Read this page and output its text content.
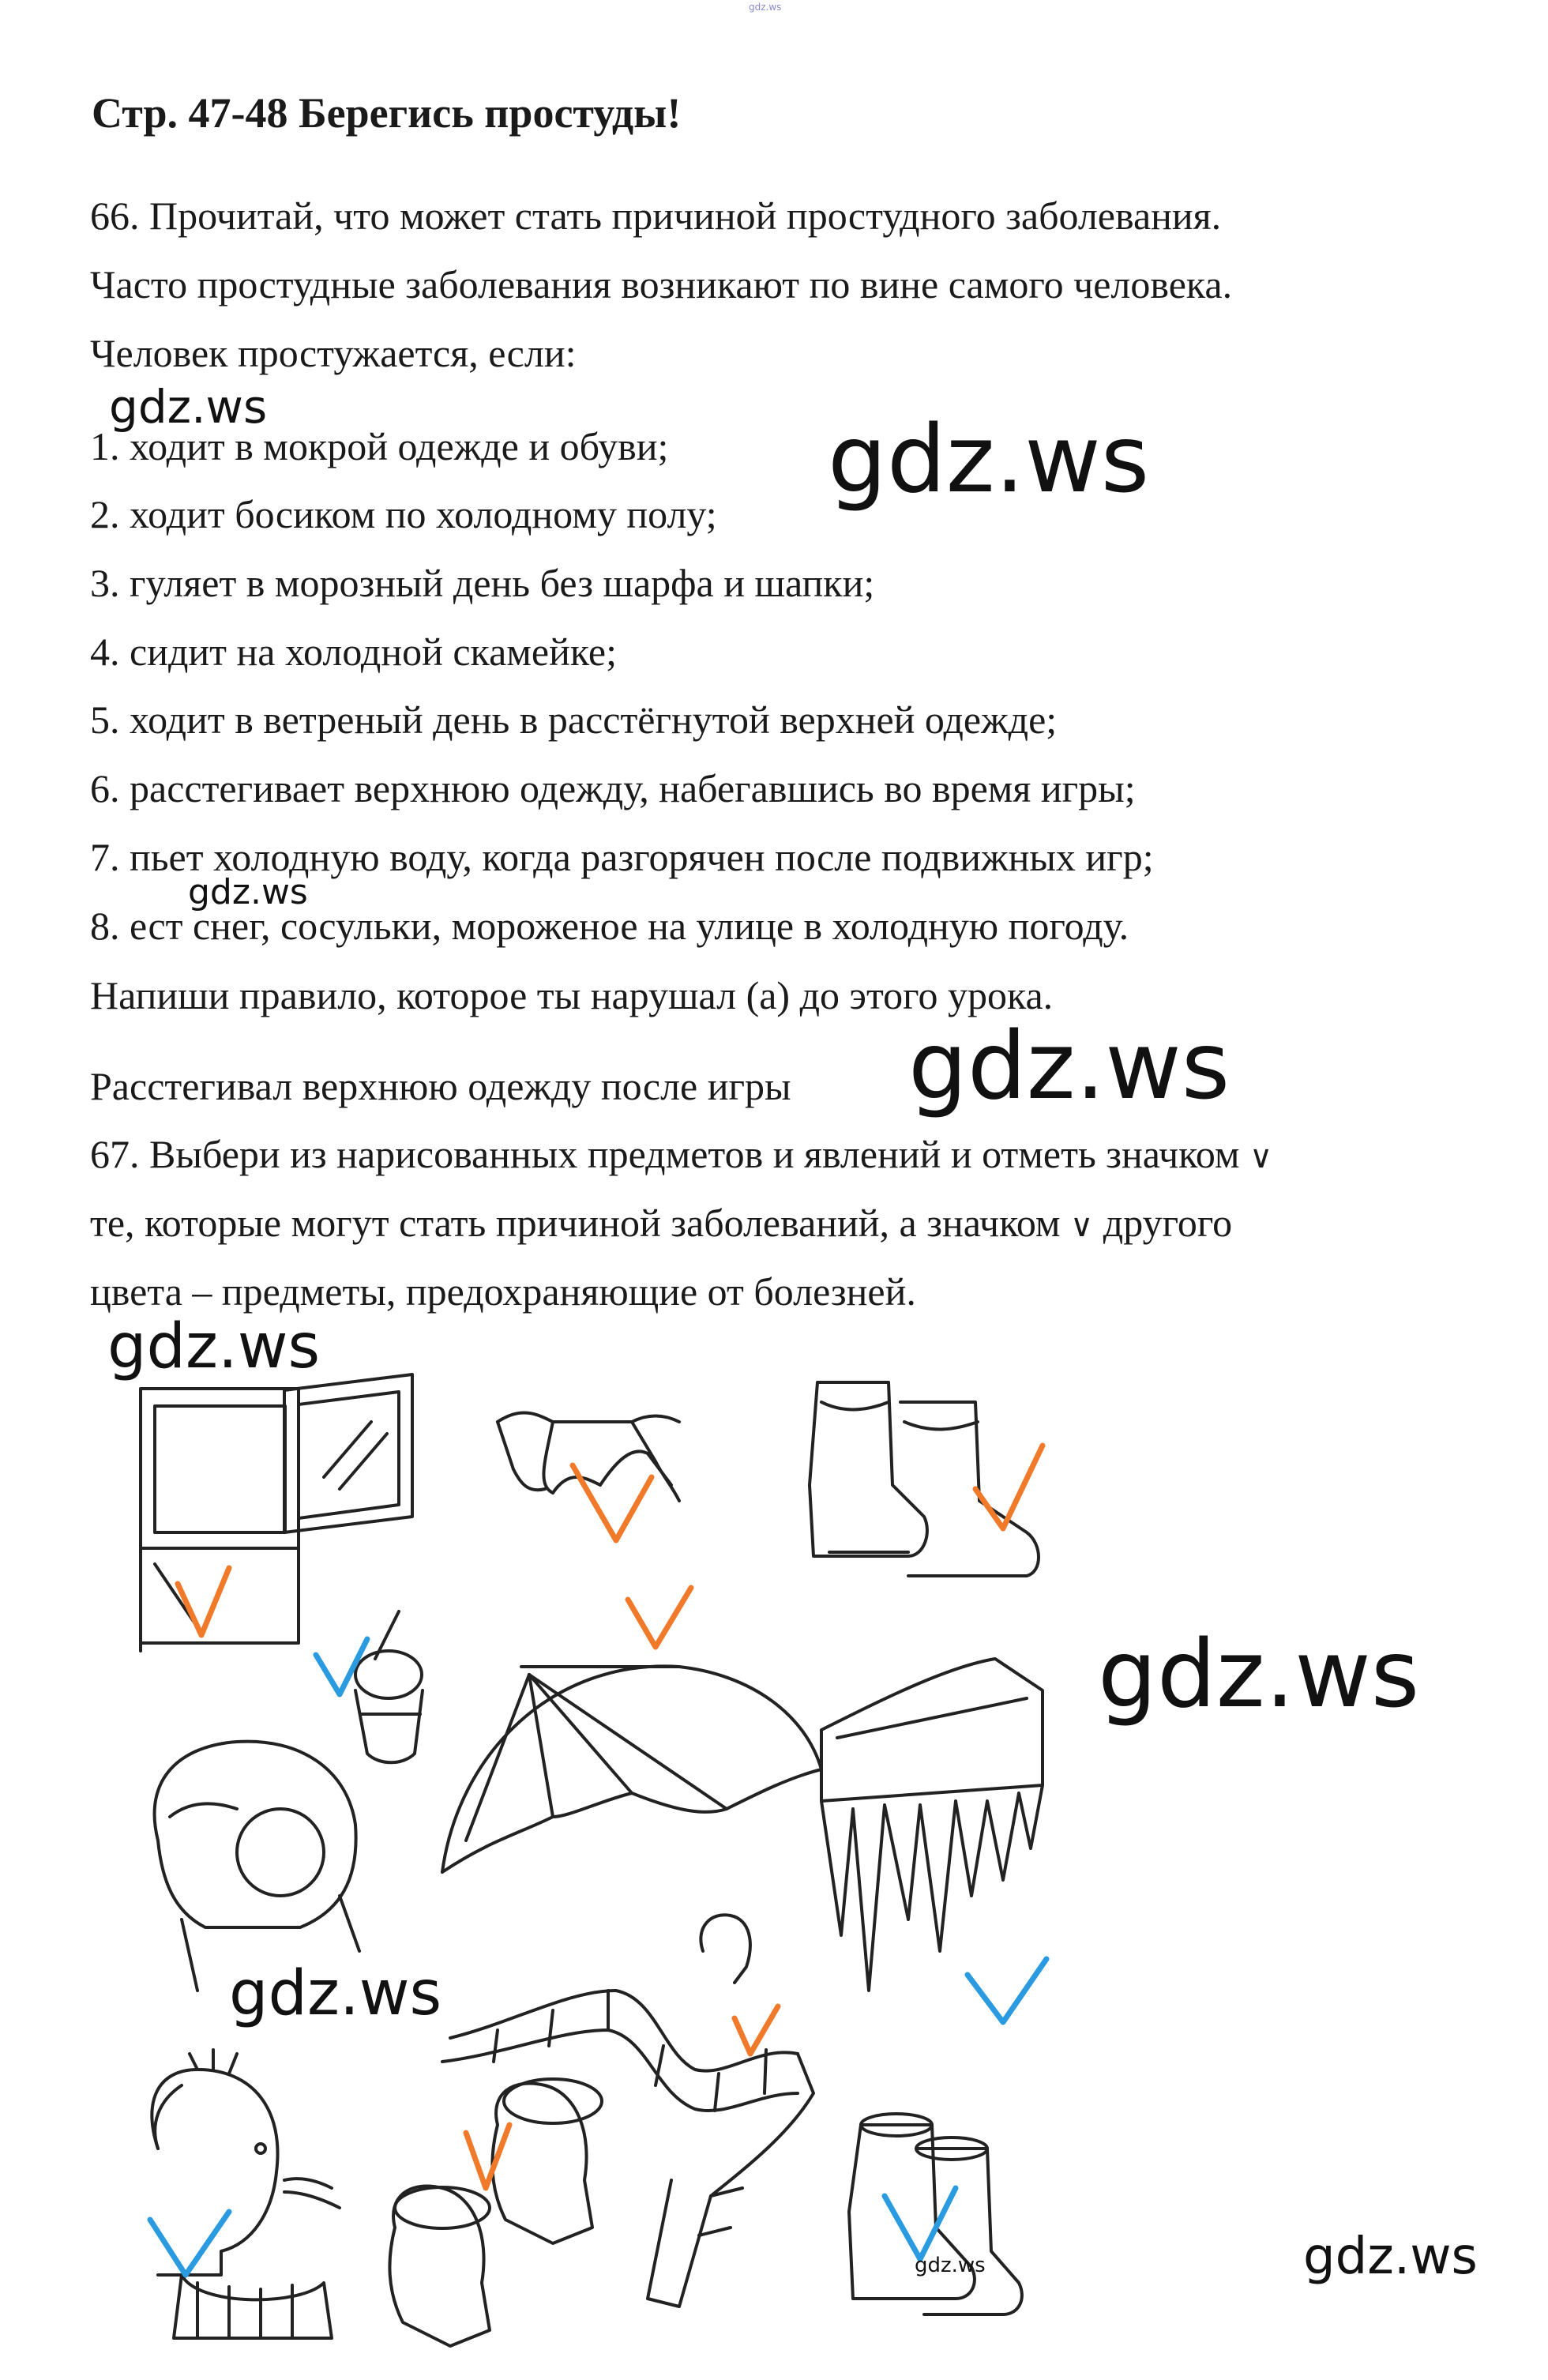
gdz.ws
Стр. 47-48 Берегись простуды!
66. Прочитай, что может стать причиной простудного заболевания.
Часто простудные заболевания возникают по вине самого человека.
Человек простужается, если:
1. ходит в мокрой одежде и обуви;
2. ходит босиком по холодному полу;
3. гуляет в морозный день без шарфа и шапки;
4. сидит на холодной скамейке;
5. ходит в ветреный день в расстёгнутой верхней одежде;
6. расстегивает верхнюю одежду, набегавшись во время игры;
7. пьет холодную воду, когда разгорячен после подвижных игр;
8. ест снег, сосульки, мороженое на улице в холодную погоду.
Напиши правило, которое ты нарушал (а) до этого урока.
Расстегивал верхнюю одежду после игры
67. Выбери из нарисованных предметов и явлений и отметь значком ∨
те, которые могут стать причиной заболеваний, а значком ∨ другого
цвета – предметы, предохраняющие от болезней.
gdz.ws	gdz.ws
gdz.ws
gdz.ws
gdz.ws
gdz.ws
gdz.ws
gdz.ws	gdz.ws
